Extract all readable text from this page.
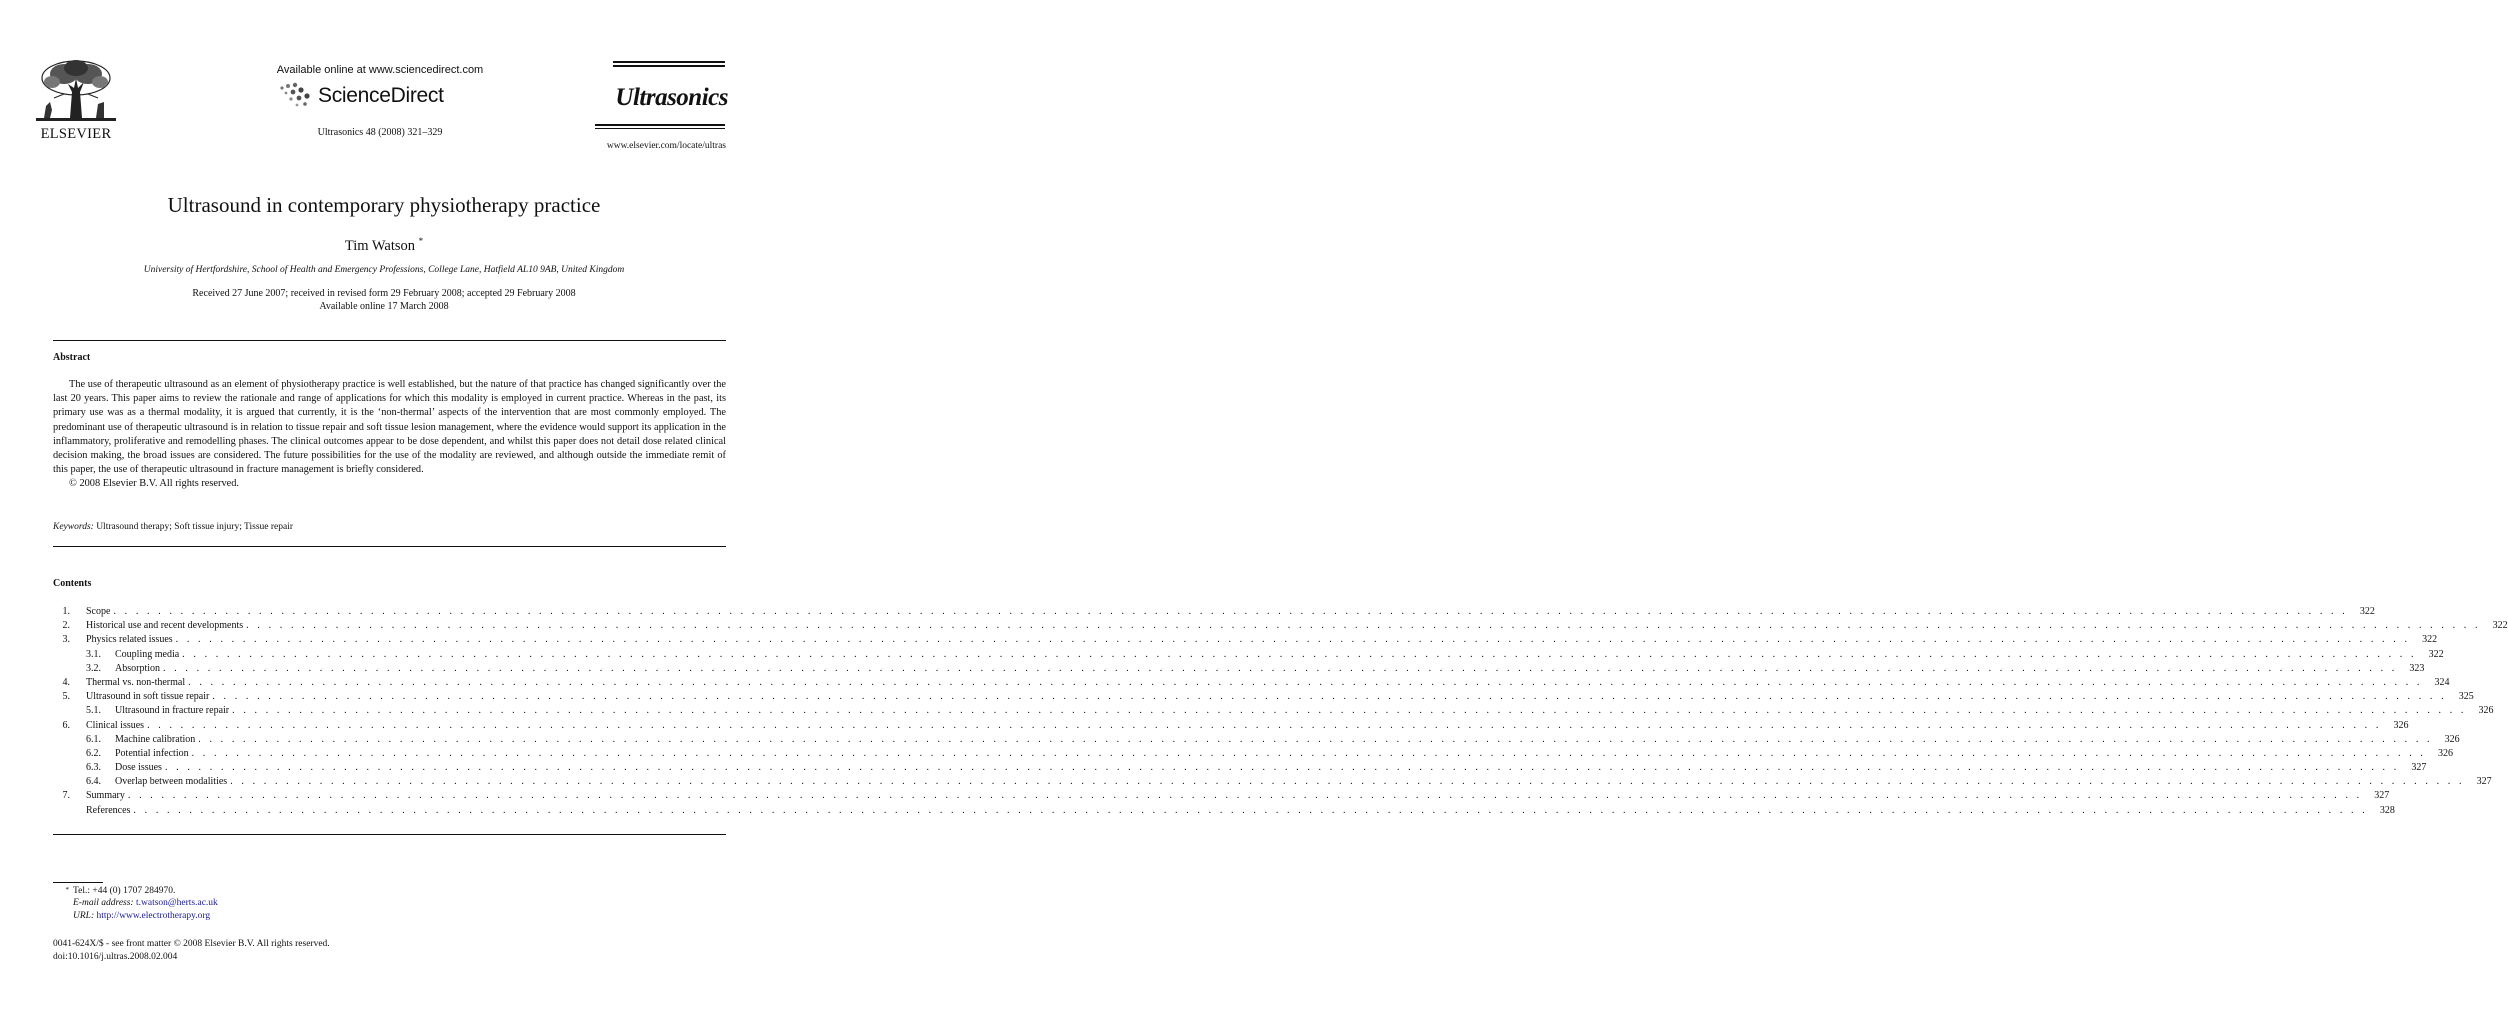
ELSEVIER
Available online at www.sciencedirect.com
ScienceDirect
Ultrasonics 48 (2008) 321–329
Ultrasonics
www.elsevier.com/locate/ultras
Ultrasound in contemporary physiotherapy practice
Tim Watson *
University of Hertfordshire, School of Health and Emergency Professions, College Lane, Hatfield AL10 9AB, United Kingdom
Received 27 June 2007; received in revised form 29 February 2008; accepted 29 February 2008
Available online 17 March 2008
Abstract

The use of therapeutic ultrasound as an element of physiotherapy practice is well established, but the nature of that practice has changed significantly over the last 20 years. This paper aims to review the rationale and range of applications for which this modality is employed in current practice. Whereas in the past, its primary use was as a thermal modality, it is argued that currently, it is the ‘non-thermal’ aspects of the intervention that are most commonly employed. The predominant use of therapeutic ultrasound is in relation to tissue repair and soft tissue lesion management, where the evidence would support its application in the inflammatory, proliferative and remodelling phases. The clinical outcomes appear to be dose dependent, and whilst this paper does not detail dose related clinical decision making, the broad issues are considered. The future possibilities for the use of the modality are reviewed, and although outside the immediate remit of this paper, the use of therapeutic ultrasound in fracture management is briefly considered.

© 2008 Elsevier B.V. All rights reserved.

Keywords: Ultrasound therapy; Soft tissue injury; Tissue repair
Contents
1.	Scope . . . . . . . . . . . . . . . . . . . . . . . . . . . . . . . . . . . . . . . . . . . . . . . . . . . . . . . . . . . . . . . . . . . . . . . . . . . . . . . . . . . . . . . . . . . . . . . . . . . . . . . . . . . . . . . . . . . . . . . . . . . . . . . . . . . . . . . . . . . . . . . . . . . . . . . . . . . . . . . . . . . . . . . . . . . . . . . . . . . . . . . . . . . . . . . . . . . . . . . .	322
2.	Historical use and recent developments . . . . . . . . . . . . . . . . . . . . . . . . . . . . . . . . . . . . . . . . . . . . . . . . . . . . . . . . . . . . . . . . . . . . . . . . . . . . . . . . . . . . . . . . . . . . . . . . . . . . . . . . . . . . . . . . . . . . . . . . . . . . . . . . . . . . . . . . . . . . . . . . . . . . . . . . . . . . . . . . . . . . . . . . . . . . . . . . . . . . . . . . . . . . . . . . . . . . . . . .	322
3.	Physics related issues . . . . . . . . . . . . . . . . . . . . . . . . . . . . . . . . . . . . . . . . . . . . . . . . . . . . . . . . . . . . . . . . . . . . . . . . . . . . . . . . . . . . . . . . . . . . . . . . . . . . . . . . . . . . . . . . . . . . . . . . . . . . . . . . . . . . . . . . . . . . . . . . . . . . . . . . . . . . . . . . . . . . . . . . . . . . . . . . . . . . . . . . . . . . . . . . . . . . . . . .	322
3.1.	Coupling media . . . . . . . . . . . . . . . . . . . . . . . . . . . . . . . . . . . . . . . . . . . . . . . . . . . . . . . . . . . . . . . . . . . . . . . . . . . . . . . . . . . . . . . . . . . . . . . . . . . . . . . . . . . . . . . . . . . . . . . . . . . . . . . . . . . . . . . . . . . . . . . . . . . . . . . . . . . . . . . . . . . . . . . . . . . . . . . . . . . . . . . . . . . . . . . . . . . . . . . .	322
3.2.	Absorption . . . . . . . . . . . . . . . . . . . . . . . . . . . . . . . . . . . . . . . . . . . . . . . . . . . . . . . . . . . . . . . . . . . . . . . . . . . . . . . . . . . . . . . . . . . . . . . . . . . . . . . . . . . . . . . . . . . . . . . . . . . . . . . . . . . . . . . . . . . . . . . . . . . . . . . . . . . . . . . . . . . . . . . . . . . . . . . . . . . . . . . . . . . . . . . . . . . . . . . .	323
4.	Thermal vs. non-thermal . . . . . . . . . . . . . . . . . . . . . . . . . . . . . . . . . . . . . . . . . . . . . . . . . . . . . . . . . . . . . . . . . . . . . . . . . . . . . . . . . . . . . . . . . . . . . . . . . . . . . . . . . . . . . . . . . . . . . . . . . . . . . . . . . . . . . . . . . . . . . . . . . . . . . . . . . . . . . . . . . . . . . . . . . . . . . . . . . . . . . . . . . . . . . . . . . . . . . . . .	324
5.	Ultrasound in soft tissue repair . . . . . . . . . . . . . . . . . . . . . . . . . . . . . . . . . . . . . . . . . . . . . . . . . . . . . . . . . . . . . . . . . . . . . . . . . . . . . . . . . . . . . . . . . . . . . . . . . . . . . . . . . . . . . . . . . . . . . . . . . . . . . . . . . . . . . . . . . . . . . . . . . . . . . . . . . . . . . . . . . . . . . . . . . . . . . . . . . . . . . . . . . . . . . . . . . . . . . . . .	325
5.1.	Ultrasound in fracture repair . . . . . . . . . . . . . . . . . . . . . . . . . . . . . . . . . . . . . . . . . . . . . . . . . . . . . . . . . . . . . . . . . . . . . . . . . . . . . . . . . . . . . . . . . . . . . . . . . . . . . . . . . . . . . . . . . . . . . . . . . . . . . . . . . . . . . . . . . . . . . . . . . . . . . . . . . . . . . . . . . . . . . . . . . . . . . . . . . . . . . . . . . . . . . . . . . . . . . . . .	326
6.	Clinical issues . . . . . . . . . . . . . . . . . . . . . . . . . . . . . . . . . . . . . . . . . . . . . . . . . . . . . . . . . . . . . . . . . . . . . . . . . . . . . . . . . . . . . . . . . . . . . . . . . . . . . . . . . . . . . . . . . . . . . . . . . . . . . . . . . . . . . . . . . . . . . . . . . . . . . . . . . . . . . . . . . . . . . . . . . . . . . . . . . . . . . . . . . . . . . . . . . . . . . . . .	326
6.1.	Machine calibration . . . . . . . . . . . . . . . . . . . . . . . . . . . . . . . . . . . . . . . . . . . . . . . . . . . . . . . . . . . . . . . . . . . . . . . . . . . . . . . . . . . . . . . . . . . . . . . . . . . . . . . . . . . . . . . . . . . . . . . . . . . . . . . . . . . . . . . . . . . . . . . . . . . . . . . . . . . . . . . . . . . . . . . . . . . . . . . . . . . . . . . . . . . . . . . . . . . . . . . .	326
6.2.	Potential infection . . . . . . . . . . . . . . . . . . . . . . . . . . . . . . . . . . . . . . . . . . . . . . . . . . . . . . . . . . . . . . . . . . . . . . . . . . . . . . . . . . . . . . . . . . . . . . . . . . . . . . . . . . . . . . . . . . . . . . . . . . . . . . . . . . . . . . . . . . . . . . . . . . . . . . . . . . . . . . . . . . . . . . . . . . . . . . . . . . . . . . . . . . . . . . . . . . . . . . . .	326
6.3.	Dose issues . . . . . . . . . . . . . . . . . . . . . . . . . . . . . . . . . . . . . . . . . . . . . . . . . . . . . . . . . . . . . . . . . . . . . . . . . . . . . . . . . . . . . . . . . . . . . . . . . . . . . . . . . . . . . . . . . . . . . . . . . . . . . . . . . . . . . . . . . . . . . . . . . . . . . . . . . . . . . . . . . . . . . . . . . . . . . . . . . . . . . . . . . . . . . . . . . . . . . . . .	327
6.4.	Overlap between modalities . . . . . . . . . . . . . . . . . . . . . . . . . . . . . . . . . . . . . . . . . . . . . . . . . . . . . . . . . . . . . . . . . . . . . . . . . . . . . . . . . . . . . . . . . . . . . . . . . . . . . . . . . . . . . . . . . . . . . . . . . . . . . . . . . . . . . . . . . . . . . . . . . . . . . . . . . . . . . . . . . . . . . . . . . . . . . . . . . . . . . . . . . . . . . . . . . . . . . . . .	327
7.	Summary . . . . . . . . . . . . . . . . . . . . . . . . . . . . . . . . . . . . . . . . . . . . . . . . . . . . . . . . . . . . . . . . . . . . . . . . . . . . . . . . . . . . . . . . . . . . . . . . . . . . . . . . . . . . . . . . . . . . . . . . . . . . . . . . . . . . . . . . . . . . . . . . . . . . . . . . . . . . . . . . . . . . . . . . . . . . . . . . . . . . . . . . . . . . . . . . . . . . . . . .	327
References . . . . . . . . . . . . . . . . . . . . . . . . . . . . . . . . . . . . . . . . . . . . . . . . . . . . . . . . . . . . . . . . . . . . . . . . . . . . . . . . . . . . . . . . . . . . . . . . . . . . . . . . . . . . . . . . . . . . . . . . . . . . . . . . . . . . . . . . . . . . . . . . . . . . . . . . . . . . . . . . . . . . . . . . . . . . . . . . . . . . . . . . . . . . . . . . . . . . . . . .	328
* Tel.: +44 (0) 1707 284970.
E-mail address: t.watson@herts.ac.uk
URL: http://www.electrotherapy.org
0041-624X/$ - see front matter © 2008 Elsevier B.V. All rights reserved.
doi:10.1016/j.ultras.2008.02.004
